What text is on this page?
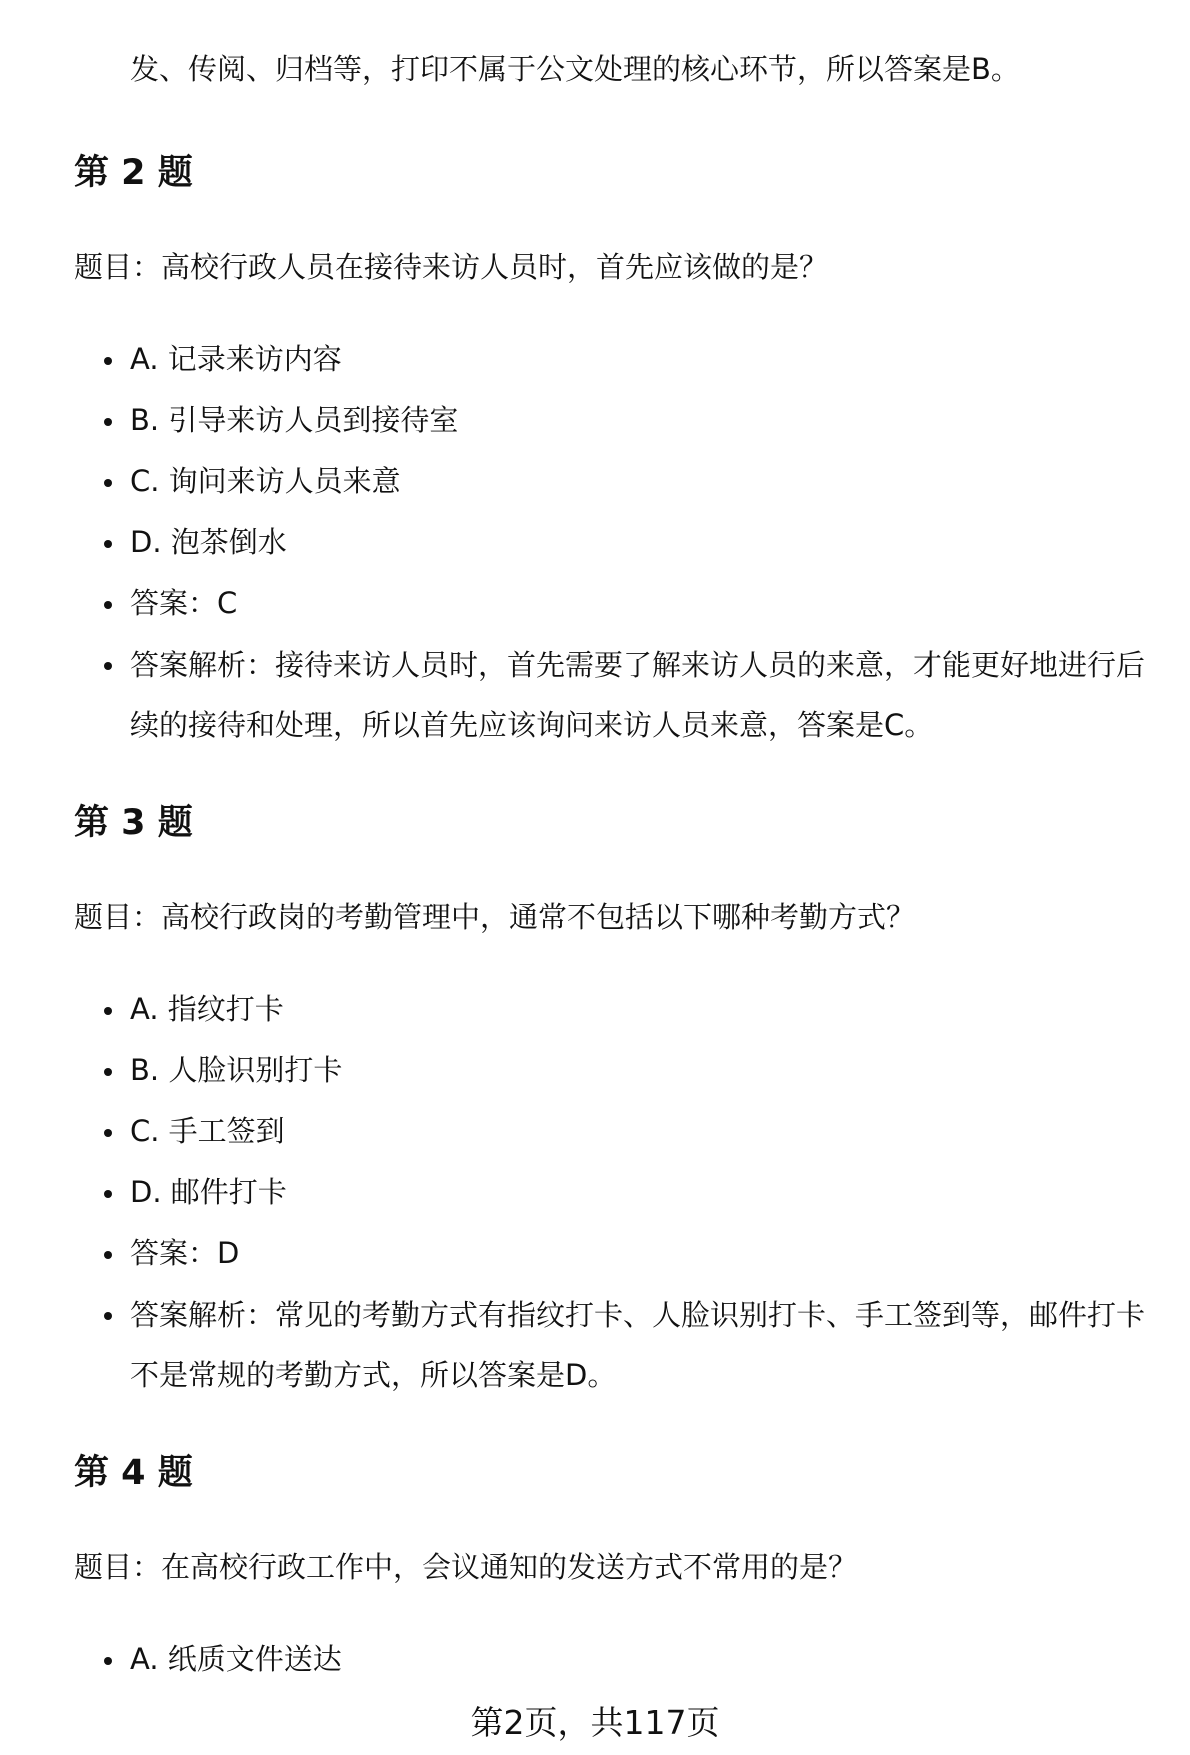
发、传阅、归档等，打印不属于公文处理的核心环节，所以答案是B。
第 2 题
题目：高校行政人员在接待来访人员时，首先应该做的是？
A. 记录来访内容
B. 引导来访人员到接待室
C. 询问来访人员来意
D. 泡茶倒水
答案：C
答案解析：接待来访人员时，首先需要了解来访人员的来意，才能更好地进行后续的接待和处理，所以首先应该询问来访人员来意，答案是C。
第 3 题
题目：高校行政岗的考勤管理中，通常不包括以下哪种考勤方式？
A. 指纹打卡
B. 人脸识别打卡
C. 手工签到
D. 邮件打卡
答案：D
答案解析：常见的考勤方式有指纹打卡、人脸识别打卡、手工签到等，邮件打卡不是常规的考勤方式，所以答案是D。
第 4 题
题目：在高校行政工作中，会议通知的发送方式不常用的是？
A. 纸质文件送达
第2页，共117页
